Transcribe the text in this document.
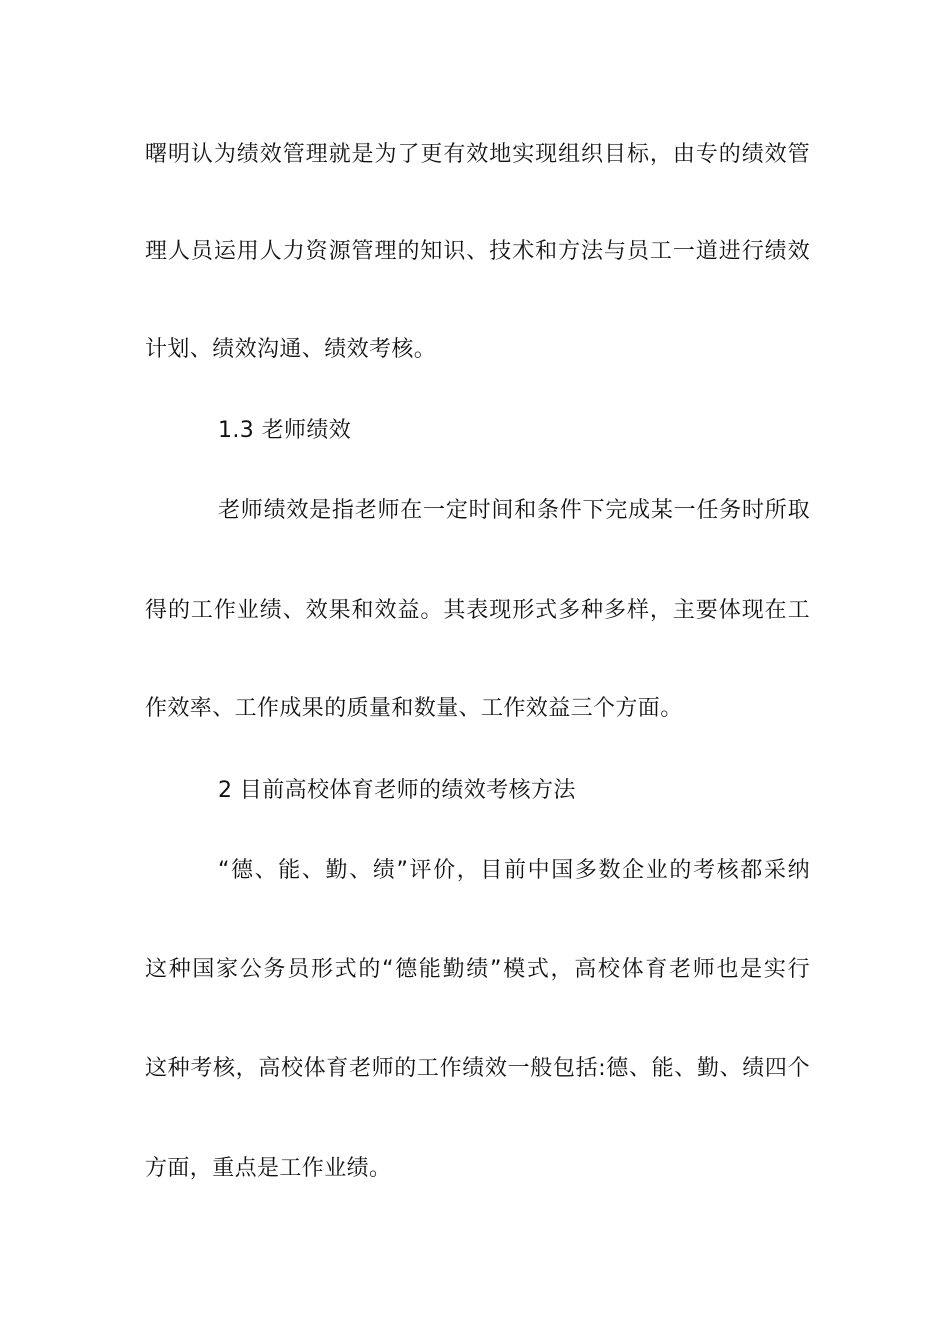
曙明认为绩效管理就是为了更有效地实现组织目标，由专的绩效管
理人员运用人力资源管理的知识、技术和方法与员工一道进行绩效
计划、绩效沟通、绩效考核。
1.3 老师绩效
老师绩效是指老师在一定时间和条件下完成某一任务时所取
得的工作业绩、效果和效益。其表现形式多种多样，主要体现在工
作效率、工作成果的质量和数量、工作效益三个方面。
2 目前高校体育老师的绩效考核方法
“德、能、勤、绩”评价，目前中国多数企业的考核都采纳
这种国家公务员形式的“德能勤绩”模式，高校体育老师也是实行
这种考核，高校体育老师的工作绩效一般包括:德、能、勤、绩四个
方面，重点是工作业绩。
